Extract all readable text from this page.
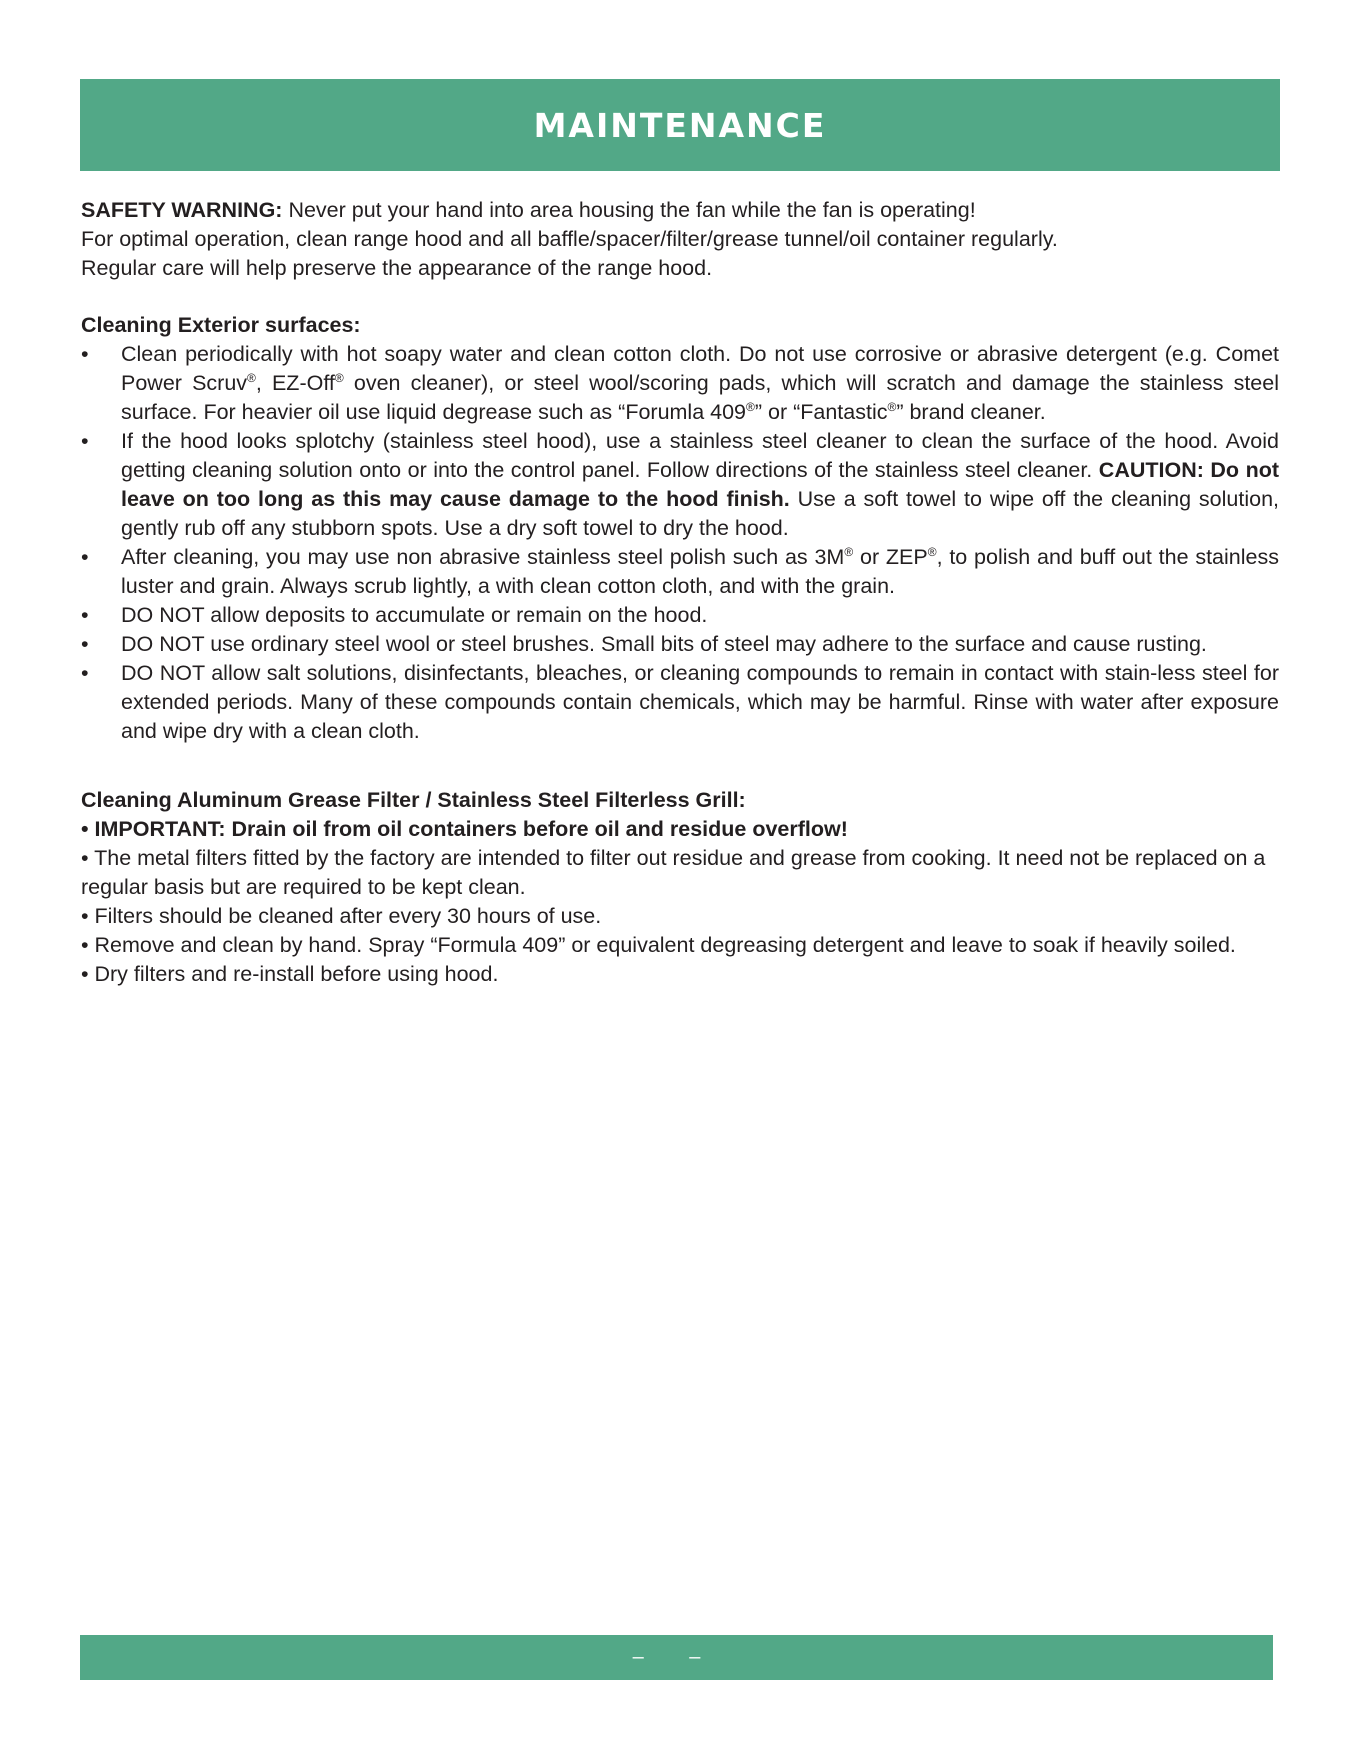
MAINTENANCE

SAFETY WARNING: Never put your hand into area housing the fan while the fan is operating!

For optimal operation, clean range hood and all baffle/spacer/filter/grease tunnel/oil container regularly.

Regular care will help preserve the appearance of the range hood.

Cleaning Exterior surfaces:

• Clean periodically with hot soapy water and clean cotton cloth. Do not use corrosive or abrasive detergent (e.g. Comet Power Scruv®, EZ-Off® oven cleaner), or steel wool/scoring pads, which will scratch and damage the stainless steel surface. For heavier oil use liquid degrease such as “Forumla 409®” or “Fantastic®” brand cleaner.
• If the hood looks splotchy (stainless steel hood), use a stainless steel cleaner to clean the surface of the hood. Avoid getting cleaning solution onto or into the control panel. Follow directions of the stainless steel cleaner. CAUTION: Do not leave on too long as this may cause damage to the hood finish. Use a soft towel to wipe off the cleaning solution, gently rub off any stubborn spots. Use a dry soft towel to dry the hood.
• After cleaning, you may use non abrasive stainless steel polish such as 3M® or ZEP®, to polish and buff out the stainless luster and grain. Always scrub lightly, a with clean cotton cloth, and with the grain.
• DO NOT allow deposits to accumulate or remain on the hood.
• DO NOT use ordinary steel wool or steel brushes. Small bits of steel may adhere to the surface and cause rusting.
• DO NOT allow salt solutions, disinfectants, bleaches, or cleaning compounds to remain in contact with stain-less steel for extended periods. Many of these compounds contain chemicals, which may be harmful. Rinse with water after exposure and wipe dry with a clean cloth.

Cleaning Aluminum Grease Filter / Stainless Steel Filterless Grill:

• IMPORTANT: Drain oil from oil containers before oil and residue overflow!

• The metal filters fitted by the factory are intended to filter out residue and grease from cooking. It need not be replaced on a regular basis but are required to be kept clean.

• Filters should be cleaned after every 30 hours of use.

• Remove and clean by hand. Spray “Formula 409” or equivalent degreasing detergent and leave to soak if heavily soiled.

• Dry filters and re-install before using hood.

– –
